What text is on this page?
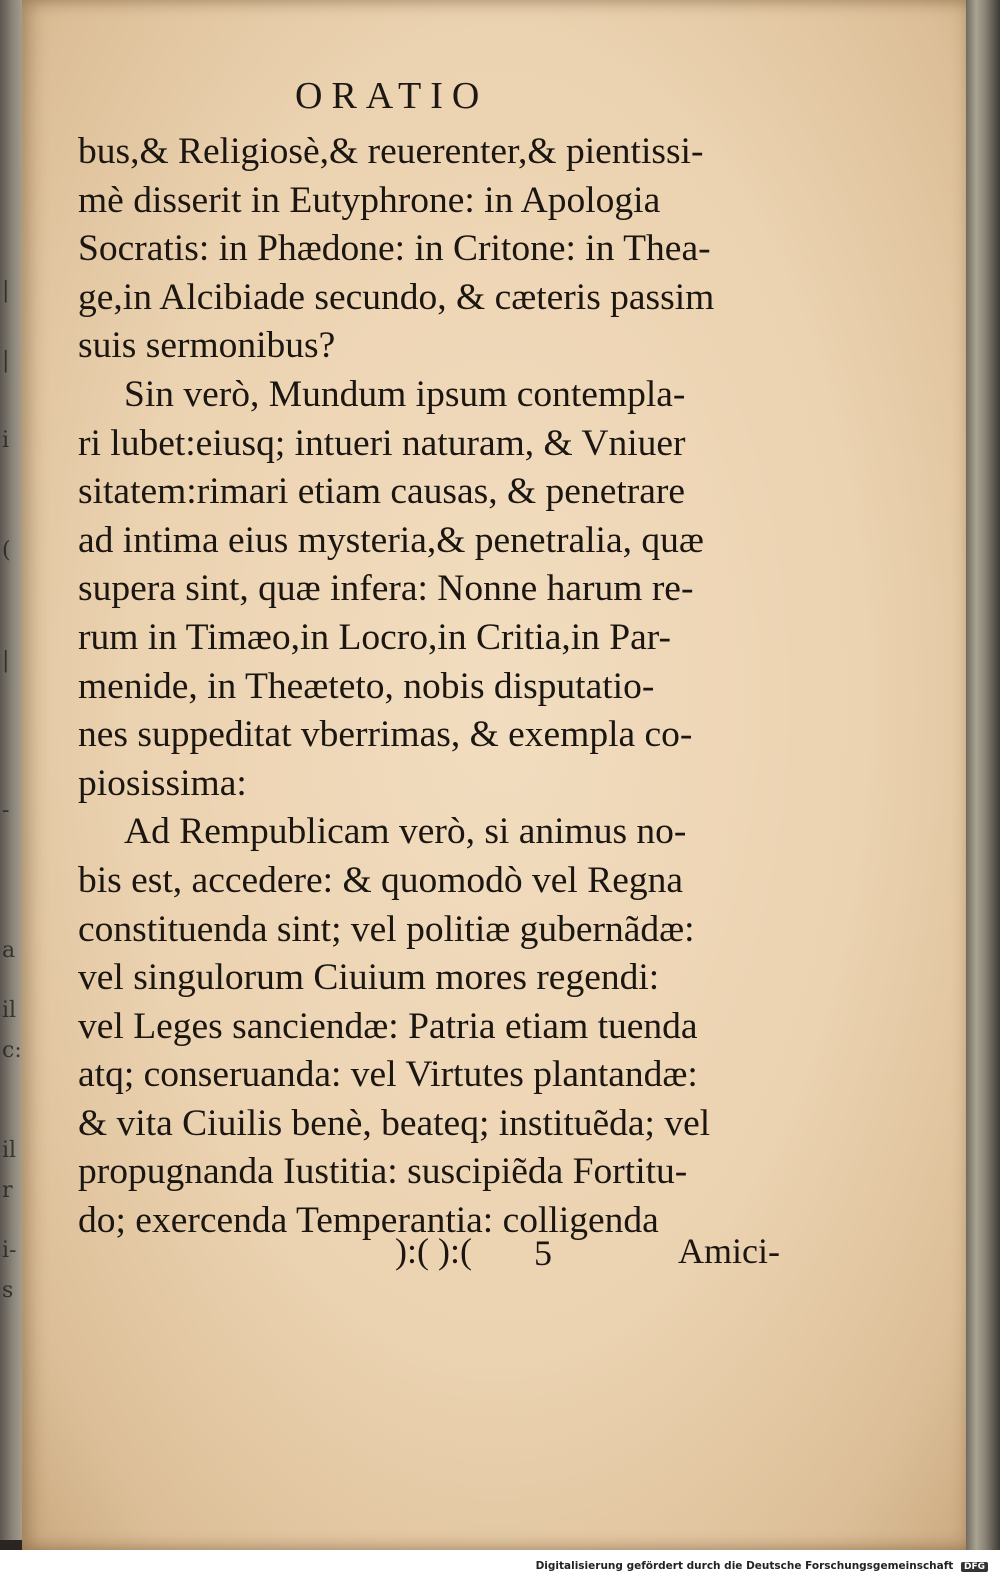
|
|
i
(
|
-
a
il
c:
il
r
i-
s
ORATIO
bus,& Religiosè,& reuerenter,& pientissi-
mè disserit in Eutyphrone: in Apologia
Socratis: in Phædone: in Critone: in Thea-
ge,in Alcibiade secundo, & cæteris passim
suis sermonibus?
Sin verò, Mundum ipsum contempla-
ri lubet:eiusq; intueri naturam, & Vniuer
sitatem:rimari etiam causas, & penetrare
ad intima eius mysteria,& penetralia, quæ
supera sint, quæ infera: Nonne harum re-
rum in Timæo,in Locro,in Critia,in Par-
menide, in Theæteto, nobis disputatio-
nes suppeditat vberrimas, & exempla co-
piosissima:
Ad Rempublicam verò, si animus no-
bis est, accedere: & quomodò vel Regna
constituenda sint; vel politiæ gubernãdæ:
vel singulorum Ciuium mores regendi:
vel Leges sanciendæ: Patria etiam tuenda
atq; conseruanda: vel Virtutes plantandæ:
& vita Ciuilis benè, beateq; instituẽda; vel
propugnanda Iustitia: suscipiẽda Fortitu-
do; exercenda Temperantia: colligenda
):( ):( 5	Amici-
Digitalisierung gefördert durch die Deutsche Forschungsgemeinschaft DFG
